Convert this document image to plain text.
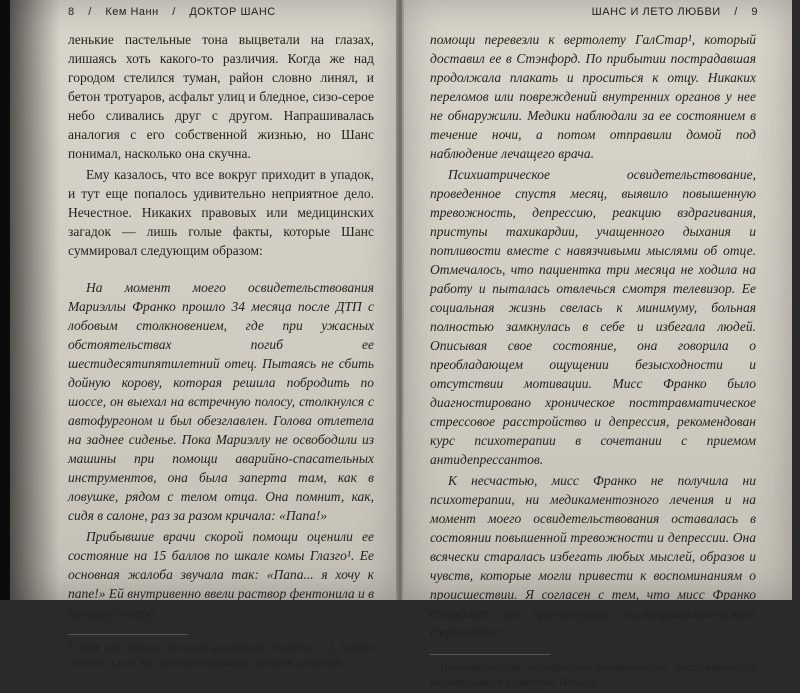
8 / Кем Нанн / ДОКТОР ШАНС

ленькие пастельные тона выцветали на глазах, лишаясь хоть какого-то различия. Когда же над городом стелился туман, район словно линял, и бетон тротуаров, асфальт улиц и бледное, сизо-серое небо сливались друг с другом. Напрашивалась аналогия с его собственной жизнью, но Шанс понимал, насколько она скучна.

Ему казалось, что все вокруг приходит в упадок, и тут еще попалось удивительно неприятное дело. Нечестное. Никаких правовых или медицинских загадок — лишь голые факты, которые Шанс суммировал следующим образом:

На момент моего освидетельствования Мариэллы Франко прошло 34 месяца после ДТП с лобовым столкновением, где при ужасных обстоятельствах погиб ее шестидесятипятилетний отец. Пытаясь не сбить дойную корову, которая решила побродить по шоссе, он выехал на встречную полосу, столкнулся с автофургоном и был обезглавлен. Голова отлетела на заднее сиденье. Пока Мариэллу не освободили из машины при помощи аварийно-спасательных инструментов, она была заперта там, как в ловушке, рядом с телом отца. Она помнит, как, сидя в салоне, раз за разом кричала: «Папа!»

Прибывшие врачи скорой помощи оценили ее состояние на 15 баллов по шкале комы Глазго¹. Ее основная жалоба звучала так: «Папа... я хочу к папе!» Ей внутривенно ввели раствор фентонила и в машине скорой

¹ Тест для оценки степени нарушения сознания. 15 баллов говорят о том, что пациент пребывает в ясном сознании.

ШАНС И ЛЕТО ЛЮБВИ / 9

помощи перевезли к вертолету ГалСтар¹, который доставил ее в Стэнфорд. По прибытии пострадавшая продолжала плакать и проситься к отцу. Никаких переломов или повреждений внутренних органов у нее не обнаружили. Медики наблюдали за ее состоянием в течение ночи, а потом отправили домой под наблюдение лечащего врача.

Психиатрическое освидетельствование, проведенное спустя месяц, выявило повышенную тревожность, депрессию, реакцию вздрагивания, приступы тахикардии, учащенного дыхания и потливости вместе с навязчивыми мыслями об отце. Отмечалось, что пациентка три месяца не ходила на работу и пыталась отвлечься смотря телевизор. Ее социальная жизнь свелась к минимуму, больная полностью замкнулась в себе и избегала людей. Описывая свое состояние, она говорила о преобладающем ощущении безысходности и отсутствии мотивации. Мисс Франко было диагностировано хроническое посттравматическое стрессовое расстройство и депрессия, рекомендован курс психотерапии в сочетании с приемом антидепрессантов.

К несчастью, мисс Франко не получила ни психотерапии, ни медикаментозного лечения и на момент моего освидетельствования оставалась в состоянии повышенной тревожности и депрессии. Она всячески старалась избегать любых мыслей, образов и чувств, которые могли привести к воспоминаниям о происшествии. Я согласен с тем, что мисс Франко страдает от хронического посттравматического стрессового

¹ Некоммерческая медицинская авиакомпания, обслуживающая Калифорнию и Северную Неваду.
